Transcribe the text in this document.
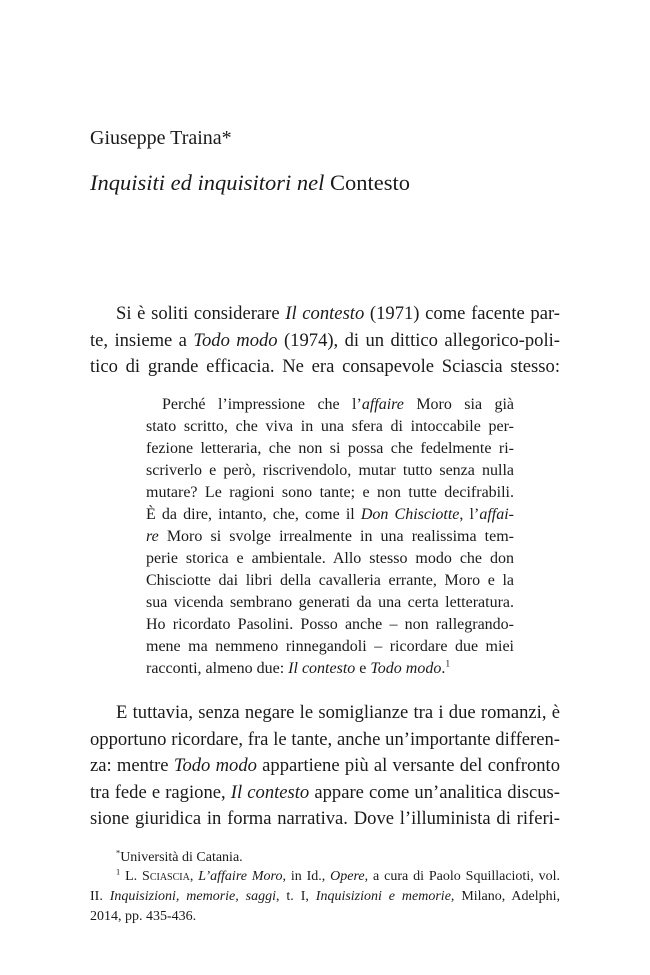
Giuseppe Traina*
Inquisiti ed inquisitori nel Contesto
Si è soliti considerare Il contesto (1971) come facente par-
te, insieme a Todo modo (1974), di un dittico allegorico-poli-
tico di grande efficacia. Ne era consapevole Sciascia stesso:
Perché l’impressione che l’affaire Moro sia già
stato scritto, che viva in una sfera di intoccabile per-
fezione letteraria, che non si possa che fedelmente ri-
scriverlo e però, riscrivendolo, mutar tutto senza nulla
mutare? Le ragioni sono tante; e non tutte decifrabili.
È da dire, intanto, che, come il Don Chisciotte, l’affai-
re Moro si svolge irrealmente in una realissima tem-
perie storica e ambientale. Allo stesso modo che don
Chisciotte dai libri della cavalleria errante, Moro e la
sua vicenda sembrano generati da una certa letteratura.
Ho ricordato Pasolini. Posso anche – non rallegrando-
mene ma nemmeno rinnegandoli – ricordare due miei
racconti, almeno due: Il contesto e Todo modo.$^1$
E tuttavia, senza negare le somiglianze tra i due romanzi, è
opportuno ricordare, fra le tante, anche un’importante differen-
za: mentre Todo modo appartiene più al versante del confronto
tra fede e ragione, Il contesto appare come un’analitica discus-
sione giuridica in forma narrativa. Dove l’illuminista di riferi-
*Università di Catania.
$^1$ L. Sciascia, L’affaire Moro, in Id., Opere, a cura di Paolo Squillacioti, vol.
II. Inquisizioni, memorie, saggi, t. I, Inquisizioni e memorie, Milano, Adelphi,
2014, pp. 435-436.
